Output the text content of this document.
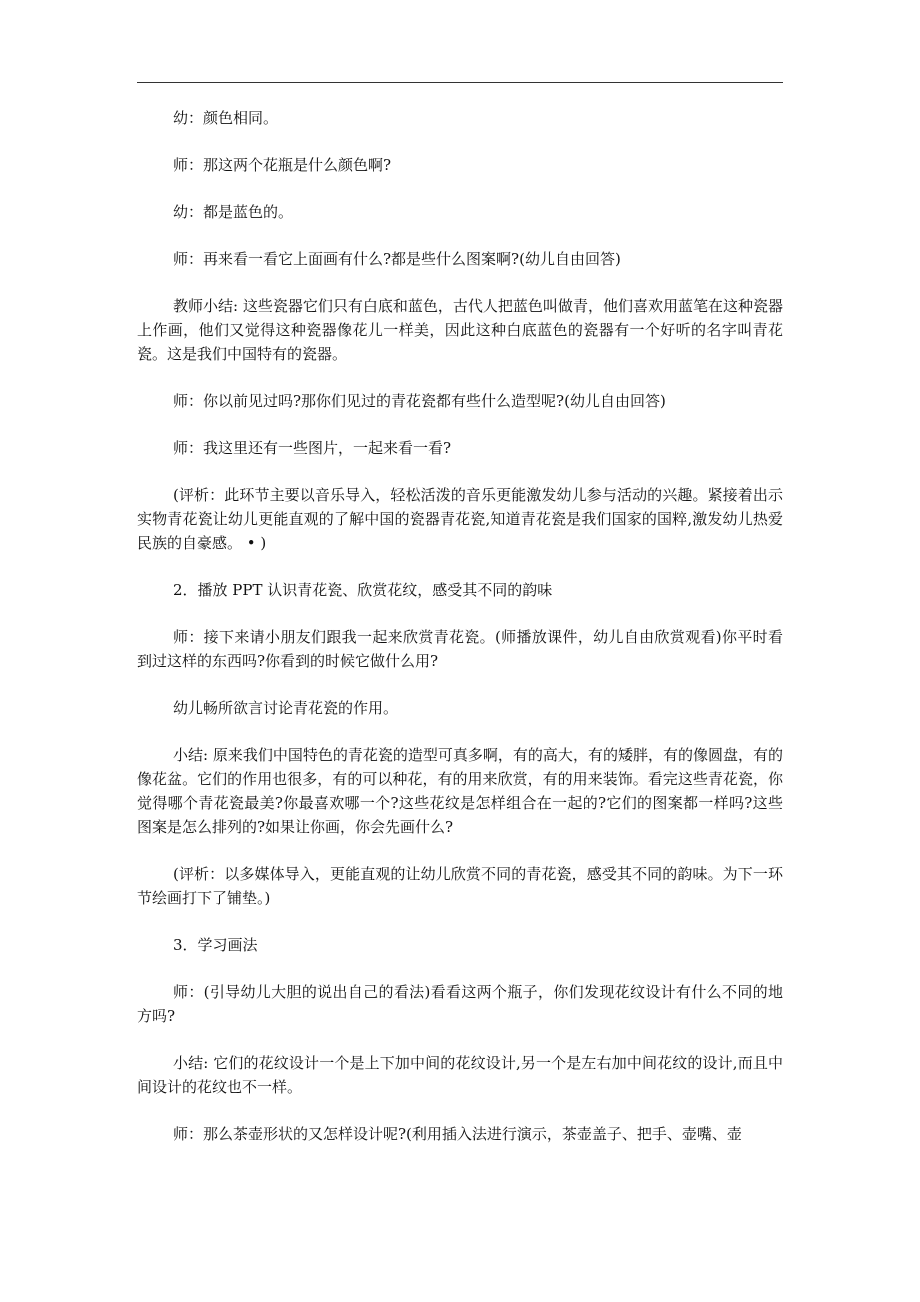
幼：颜色相同。

师：那这两个花瓶是什么颜色啊?

幼：都是蓝色的。

师：再来看一看它上面画有什么?都是些什么图案啊?(幼儿自由回答)

教师小结: 这些瓷器它们只有白底和蓝色，古代人把蓝色叫做青，他们喜欢用蓝笔在这种瓷器上作画，他们又觉得这种瓷器像花儿一样美，因此这种白底蓝色的瓷器有一个好听的名字叫青花瓷。这是我们中国特有的瓷器。

师：你以前见过吗?那你们见过的青花瓷都有些什么造型呢?(幼儿自由回答)

师：我这里还有一些图片，一起来看一看?

(评析：此环节主要以音乐导入，轻松活泼的音乐更能激发幼儿参与活动的兴趣。紧接着出示实物青花瓷让幼儿更能直观的了解中国的瓷器青花瓷,知道青花瓷是我们国家的国粹,激发幼儿热爱民族的自豪感。 • )

2．播放 PPT 认识青花瓷、欣赏花纹，感受其不同的韵味

师：接下来请小朋友们跟我一起来欣赏青花瓷。(师播放课件，幼儿自由欣赏观看)你平时看到过这样的东西吗?你看到的时候它做什么用?

幼儿畅所欲言讨论青花瓷的作用。

小结: 原来我们中国特色的青花瓷的造型可真多啊，有的高大，有的矮胖，有的像圆盘，有的像花盆。它们的作用也很多，有的可以种花，有的用来欣赏，有的用来装饰。看完这些青花瓷，你觉得哪个青花瓷最美?你最喜欢哪一个?这些花纹是怎样组合在一起的?它们的图案都一样吗?这些图案是怎么排列的?如果让你画，你会先画什么?

(评析：以多媒体导入，更能直观的让幼儿欣赏不同的青花瓷，感受其不同的韵味。为下一环节绘画打下了铺垫。)

3．学习画法

师：(引导幼儿大胆的说出自己的看法)看看这两个瓶子，你们发现花纹设计有什么不同的地方吗?

小结: 它们的花纹设计一个是上下加中间的花纹设计,另一个是左右加中间花纹的设计,而且中间设计的花纹也不一样。

师：那么茶壶形状的又怎样设计呢?(利用插入法进行演示，茶壶盖子、把手、壶嘴、壶
